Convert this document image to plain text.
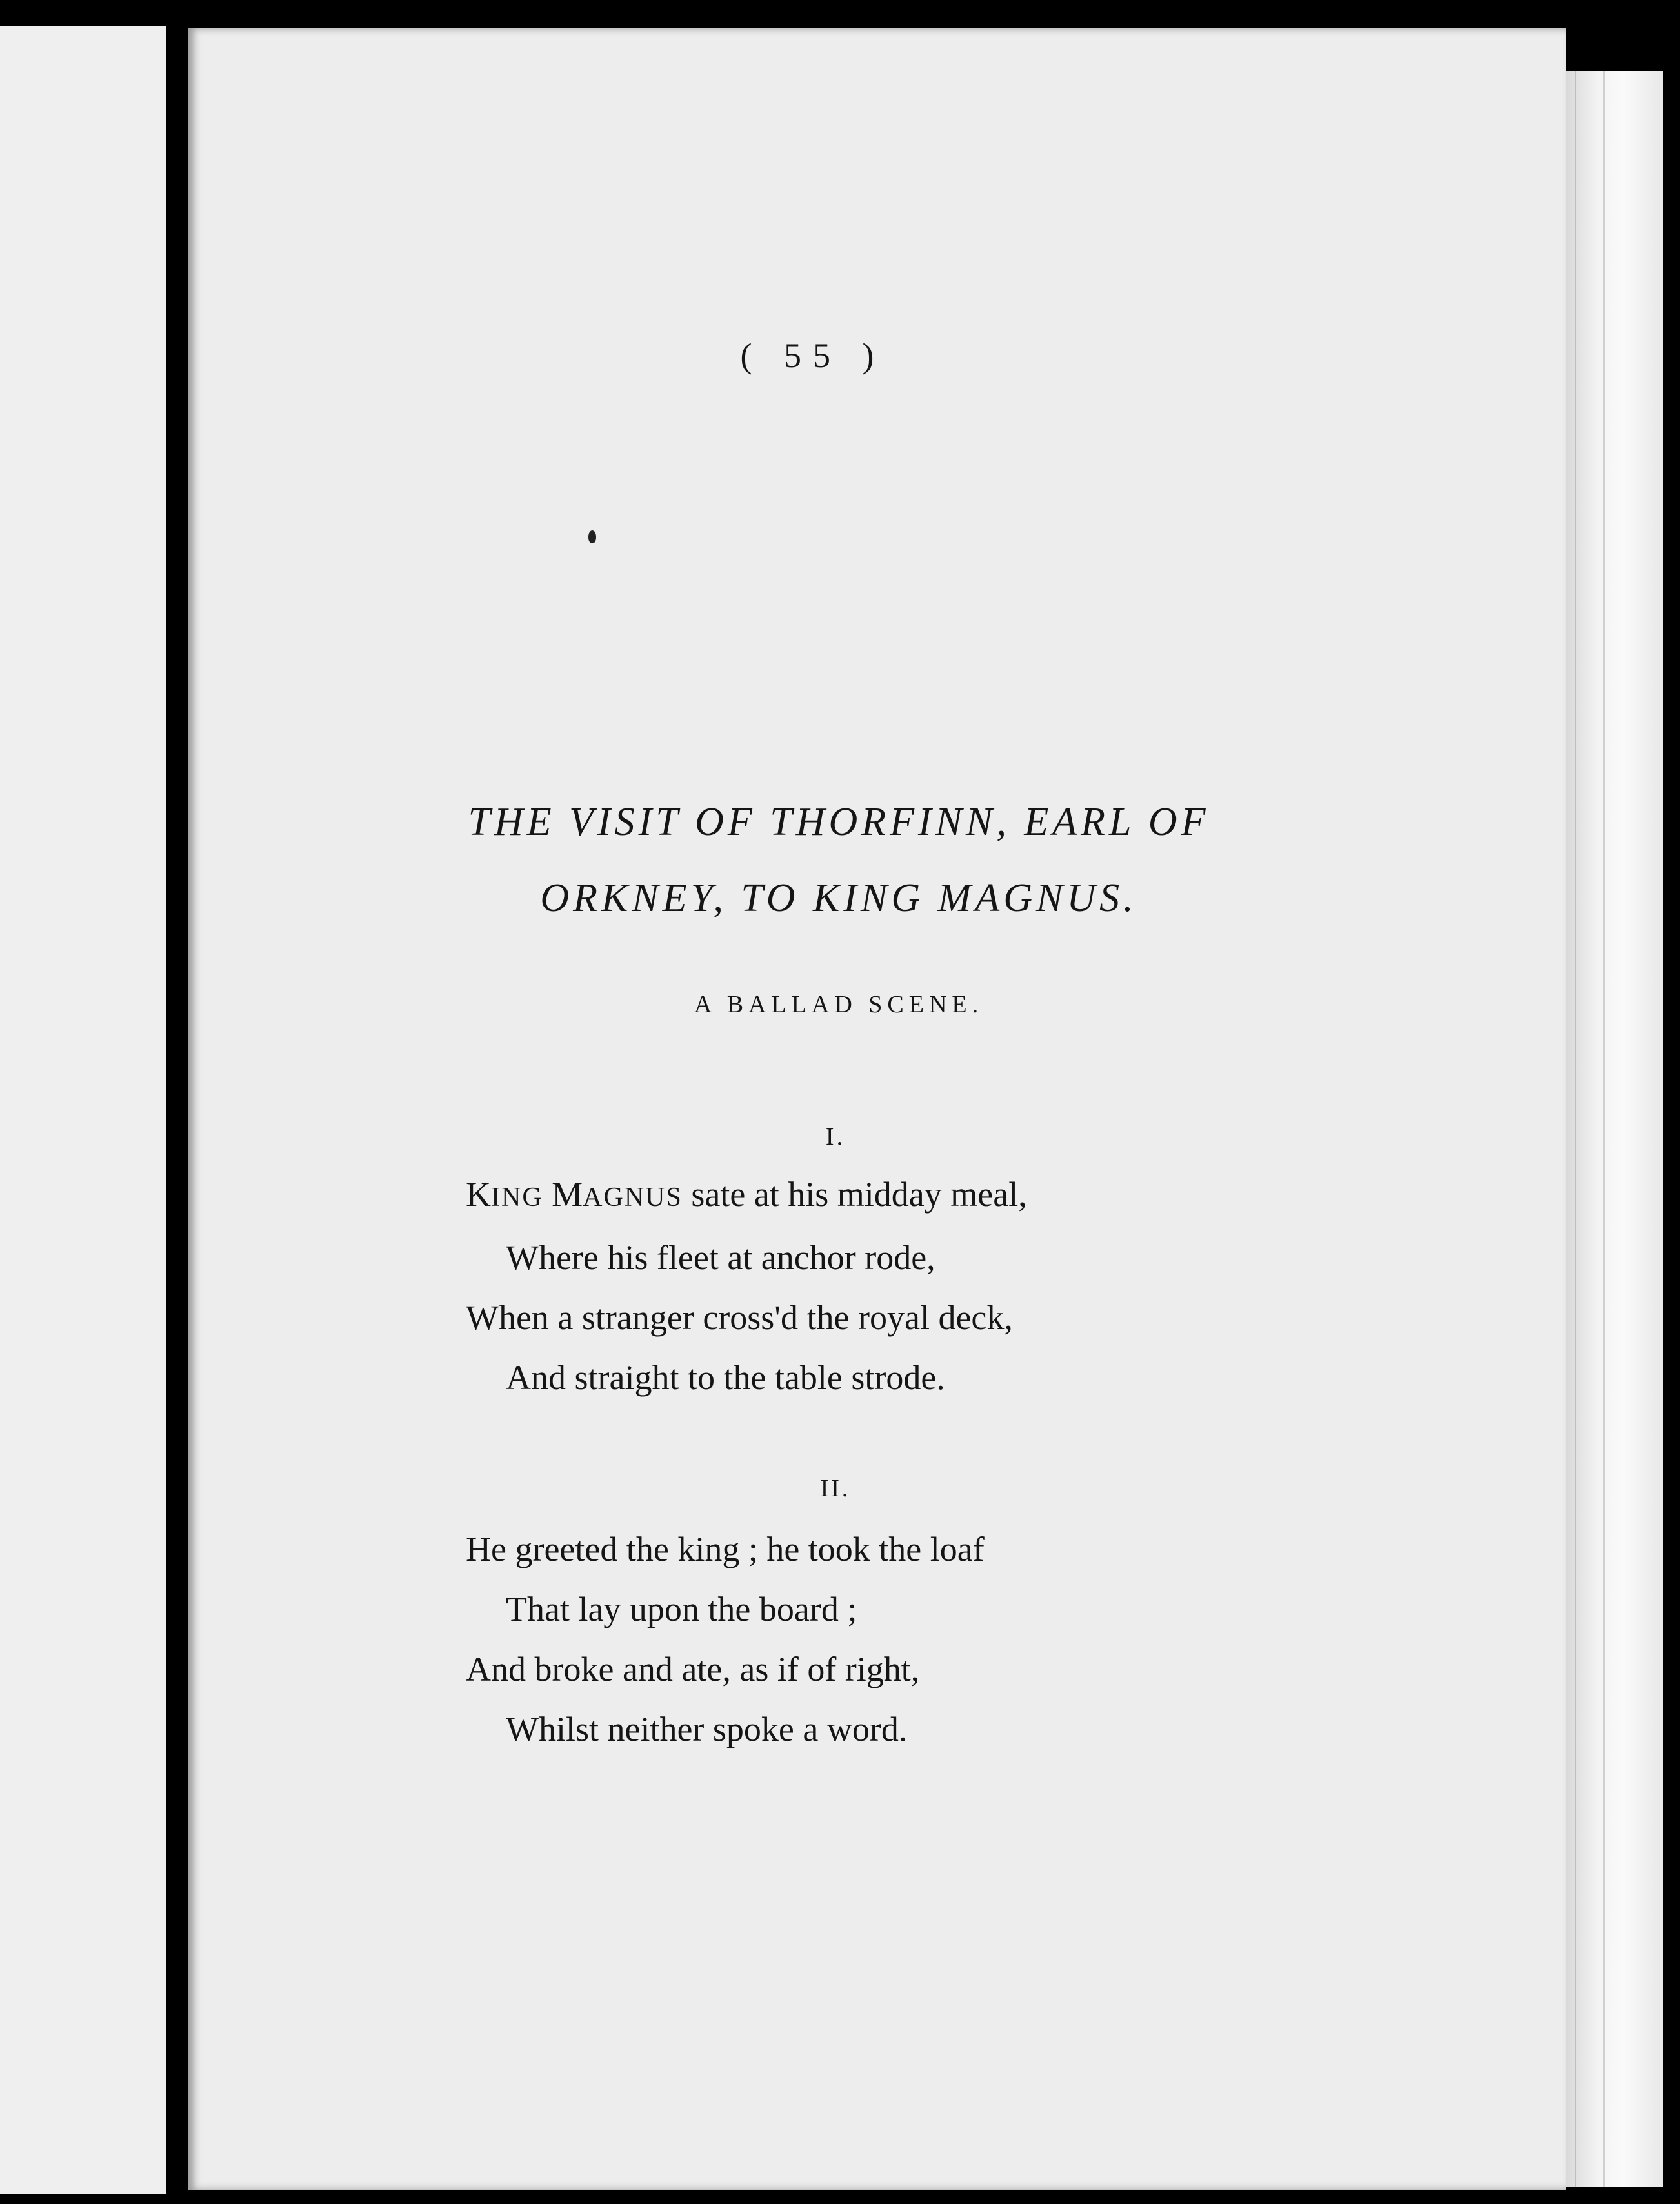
( 55 )
THE VISIT OF THORFINN, EARL OF
ORKNEY, TO KING MAGNUS.
A BALLAD SCENE.
I.
KING MAGNUS sate at his midday meal,
Where his fleet at anchor rode,
When a stranger cross'd the royal deck,
And straight to the table strode.
II.
He greeted the king ; he took the loaf
That lay upon the board ;
And broke and ate, as if of right,
Whilst neither spoke a word.
